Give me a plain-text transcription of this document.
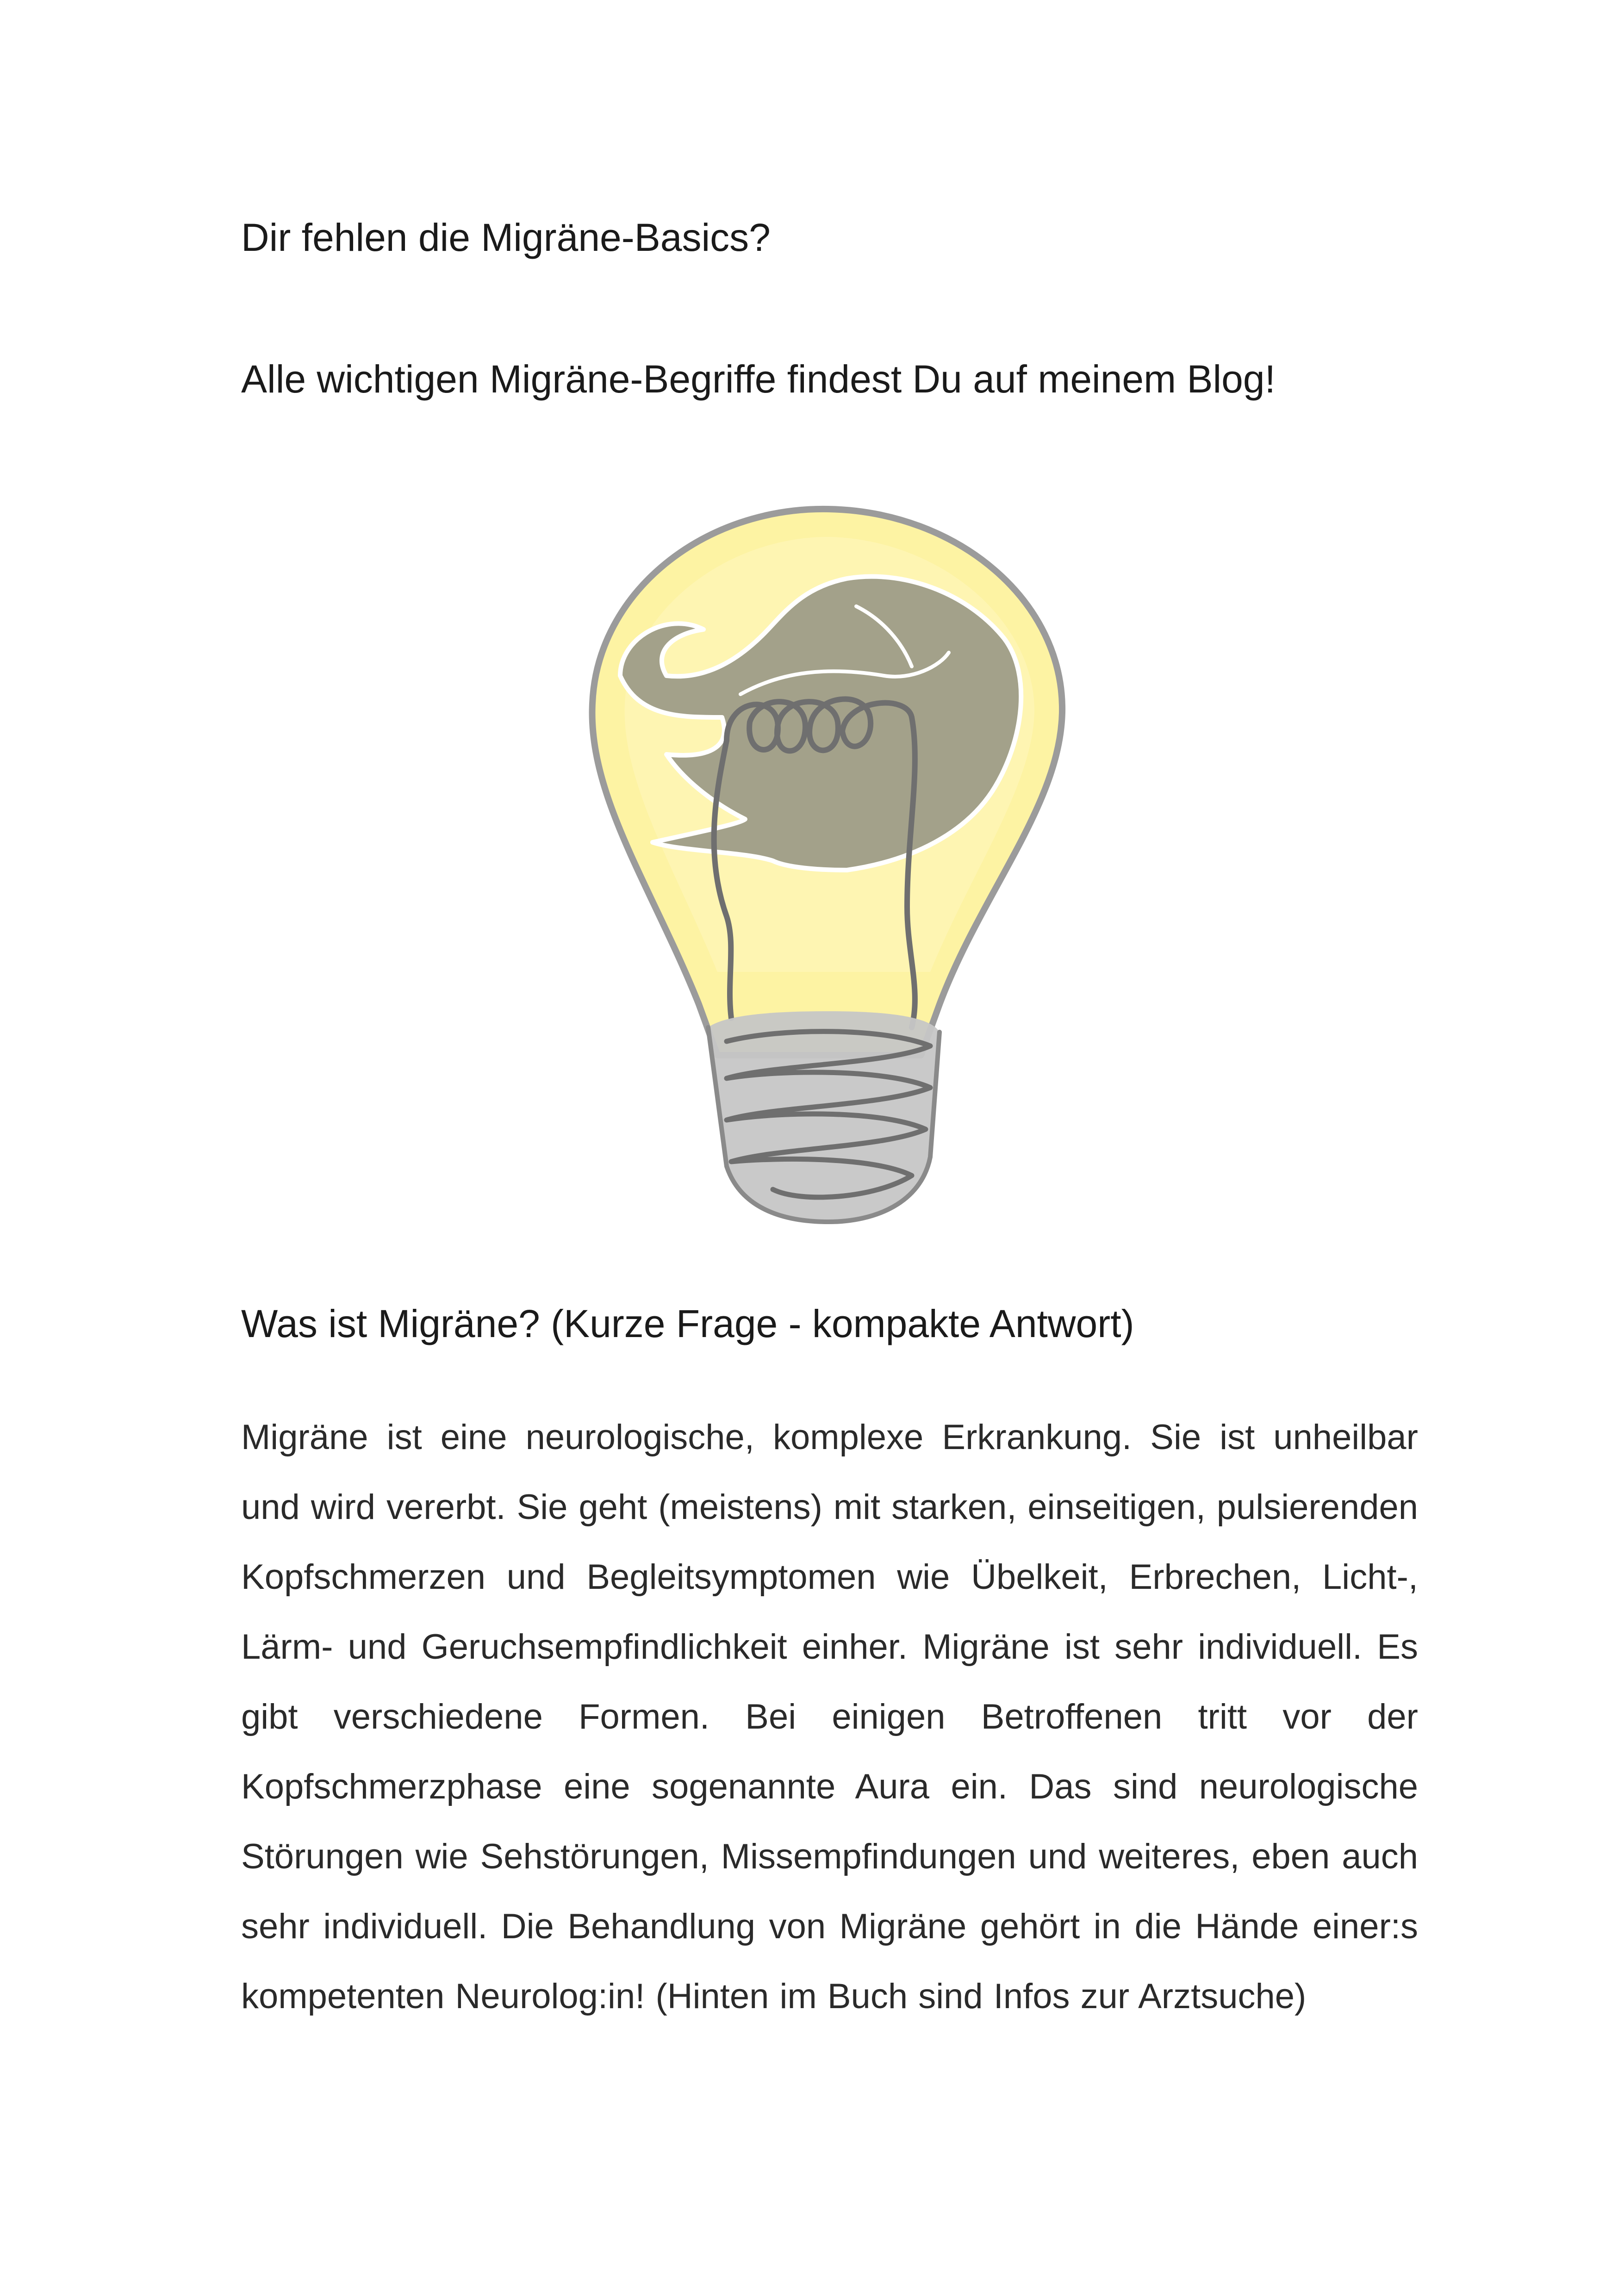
Dir fehlen die Migräne-Basics?
Alle wichtigen Migräne-Begriffe findest Du auf meinem Blog!
Was ist Migräne? (Kurze Frage - kompakte Antwort)
Migräne ist eine neurologische, komplexe Erkrankung. Sie ist unheilbar und wird vererbt. Sie geht (meistens) mit starken, einseitigen, pulsierenden Kopfschmerzen und Begleitsymptomen wie Übelkeit, Erbrechen, Licht-, Lärm- und Geruchsempfindlichkeit einher. Migräne ist sehr individuell. Es gibt verschiedene Formen. Bei einigen Betroffenen tritt vor der Kopfschmerzphase eine sogenannte Aura ein. Das sind neurologische Störungen wie Sehstörungen, Missempfindungen und weiteres, eben auch sehr individuell. Die Behandlung von Migräne gehört in die Hände einer:s kompetenten Neurolog:in! (Hinten im Buch sind Infos zur Arztsuche)
